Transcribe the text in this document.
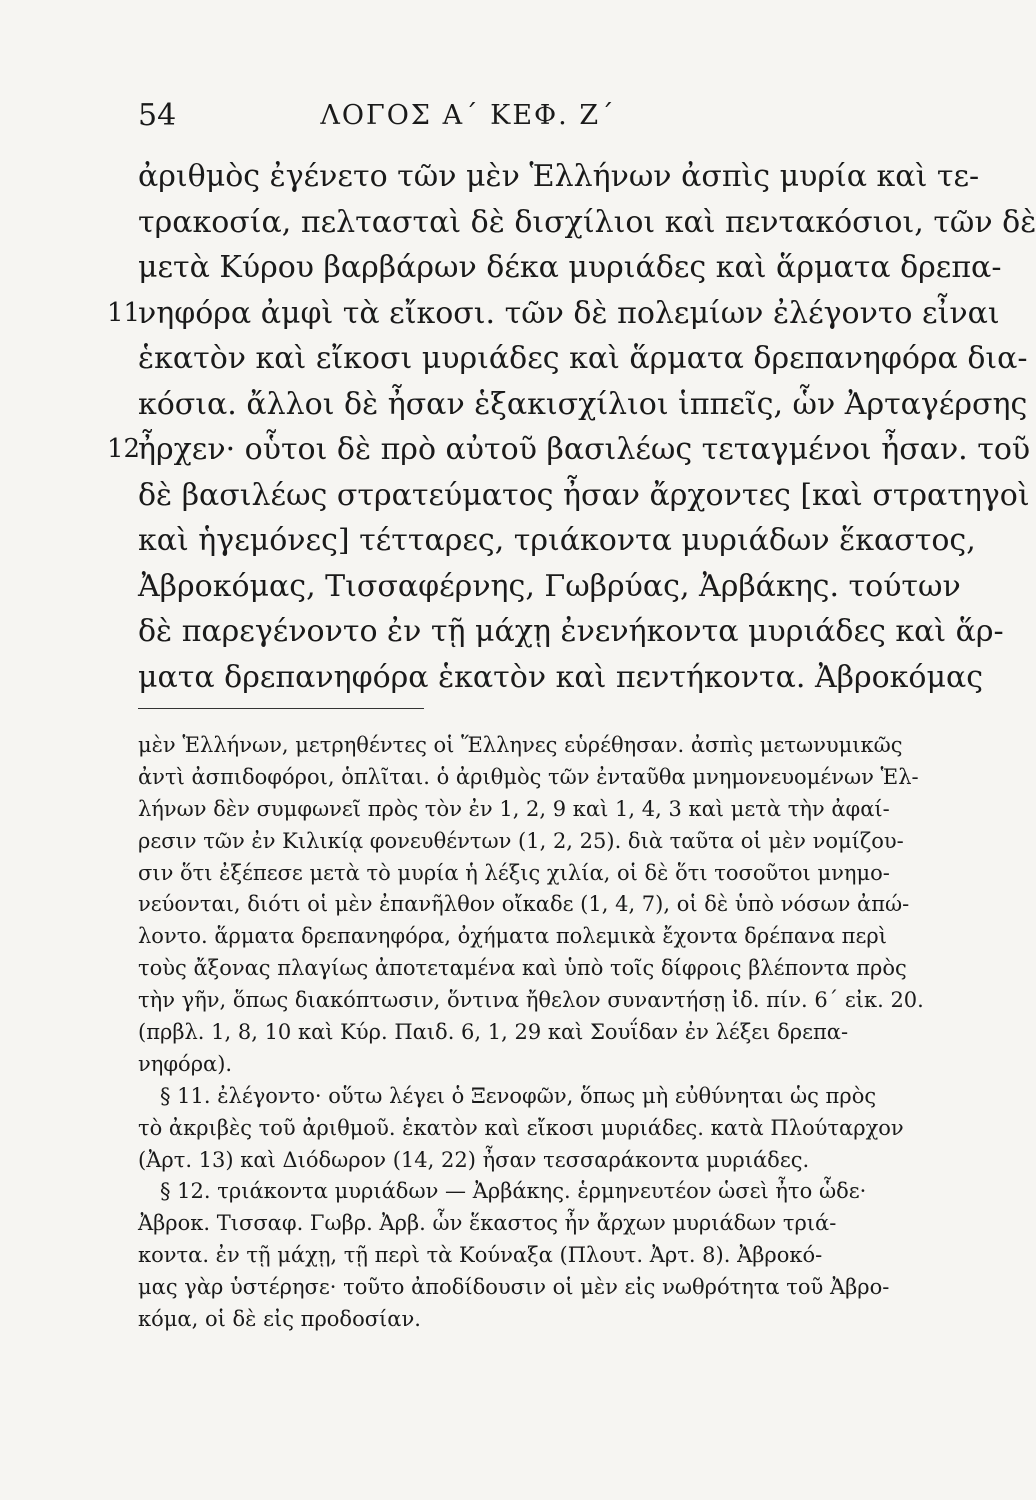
54	ΛΟΓΟΣ Α΄ ΚΕΦ. Ζ΄
ἀριθμὸς ἐγένετο τῶν μὲν Ἑλλήνων ἀσπὶς μυρία καὶ τε-
τρακοσία, πελτασταὶ δὲ δισχίλιοι καὶ πεντακόσιοι, τῶν δὲ
μετὰ Κύρου βαρβάρων δέκα μυριάδες καὶ ἅρματα δρεπα-
11
νηφόρα ἀμφὶ τὰ εἴκοσι. τῶν δὲ πολεμίων ἐλέγοντο εἶναι
ἑκατὸν καὶ εἴκοσι μυριάδες καὶ ἅρματα δρεπανηφόρα δια-
κόσια. ἄλλοι δὲ ἦσαν ἑξακισχίλιοι ἱππεῖς, ὧν Ἀρταγέρσης
12
ἦρχεν· οὗτοι δὲ πρὸ αὐτοῦ βασιλέως τεταγμένοι ἦσαν. τοῦ
δὲ βασιλέως στρατεύματος ἦσαν ἄρχοντες [καὶ στρατηγοὶ
καὶ ἡγεμόνες] τέτταρες, τριάκοντα μυριάδων ἕκαστος,
Ἀβροκόμας, Τισσαφέρνης, Γωβρύας, Ἀρβάκης. τούτων
δὲ παρεγένοντο ἐν τῇ μάχῃ ἐνενήκοντα μυριάδες καὶ ἅρ-
ματα δρεπανηφόρα ἑκατὸν καὶ πεντήκοντα. Ἀβροκόμας
μὲν Ἑλλήνων, μετρηθέντες οἱ Ἕλληνες εὑρέθησαν. ἀσπὶς μετωνυμικῶς
ἀντὶ ἀσπιδοφόροι, ὁπλῖται. ὁ ἀριθμὸς τῶν ἐνταῦθα μνημονευομένων Ἑλ-
λήνων δὲν συμφωνεῖ πρὸς τὸν ἐν 1, 2, 9 καὶ 1, 4, 3 καὶ μετὰ τὴν ἀφαί-
ρεσιν τῶν ἐν Κιλικίᾳ φονευθέντων (1, 2, 25). διὰ ταῦτα οἱ μὲν νομίζου-
σιν ὅτι ἐξέπεσε μετὰ τὸ μυρία ἡ λέξις χιλία, οἱ δὲ ὅτι τοσοῦτοι μνημο-
νεύονται, διότι οἱ μὲν ἐπανῆλθον οἴκαδε (1, 4, 7), οἱ δὲ ὑπὸ νόσων ἀπώ-
λοντο. ἅρματα δρεπανηφόρα, ὀχήματα πολεμικὰ ἔχοντα δρέπανα περὶ
τοὺς ἄξονας πλαγίως ἀποτεταμένα καὶ ὑπὸ τοῖς δίφροις βλέποντα πρὸς
τὴν γῆν, ὅπως διακόπτωσιν, ὅντινα ἤθελον συναντήσῃ ἰδ. πίν. 6΄ εἰκ. 20.
(πρβλ. 1, 8, 10 καὶ Κύρ. Παιδ. 6, 1, 29 καὶ Σουΐδαν ἐν λέξει δρεπα-
νηφόρα).
§ 11. ἐλέγοντο· οὕτω λέγει ὁ Ξενοφῶν, ὅπως μὴ εὐθύνηται ὡς πρὸς
τὸ ἀκριβὲς τοῦ ἀριθμοῦ. ἑκατὸν καὶ εἴκοσι μυριάδες. κατὰ Πλούταρχον
(Ἀρτ. 13) καὶ Διόδωρον (14, 22) ἦσαν τεσσαράκοντα μυριάδες.
§ 12. τριάκοντα μυριάδων — Ἀρβάκης. ἑρμηνευτέον ὡσεὶ ἦτο ὧδε·
Ἀβροκ. Τισσαφ. Γωβρ. Ἀρβ. ὧν ἕκαστος ἦν ἄρχων μυριάδων τριά-
κοντα. ἐν τῇ μάχῃ, τῇ περὶ τὰ Κούναξα (Πλουτ. Ἀρτ. 8). Ἀβροκό-
μας γὰρ ὑστέρησε· τοῦτο ἀποδίδουσιν οἱ μὲν εἰς νωθρότητα τοῦ Ἀβρο-
κόμα, οἱ δὲ εἰς προδοσίαν.
